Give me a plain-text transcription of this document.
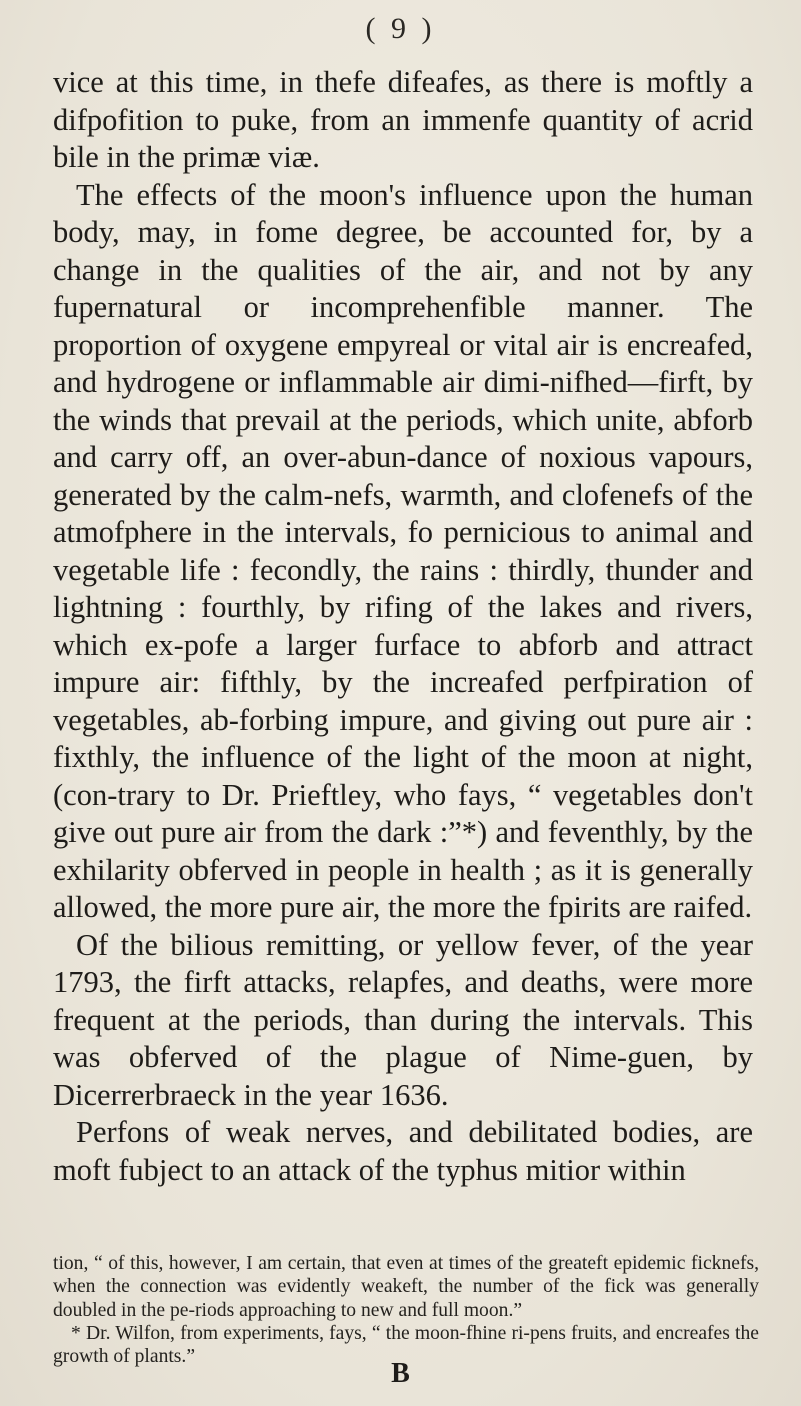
( 9 )

vice at this time, in thefe difeafes, as there is moftly a difpofition to puke, from an immenfe quantity of acrid bile in the primæ viæ.

The effects of the moon's influence upon the human body, may, in fome degree, be accounted for, by a change in the qualities of the air, and not by any fupernatural or incomprehenfible manner. The proportion of oxygene empyreal or vital air is encreafed, and hydrogene or inflammable air dimi-nifhed—firft, by the winds that prevail at the periods, which unite, abforb and carry off, an over-abun-dance of noxious vapours, generated by the calm-nefs, warmth, and clofenefs of the atmofphere in the intervals, fo pernicious to animal and vegetable life : fecondly, the rains : thirdly, thunder and lightning : fourthly, by rifing of the lakes and rivers, which ex-pofe a larger furface to abforb and attract impure air: fifthly, by the increafed perfpiration of vegetables, ab-forbing impure, and giving out pure air : fixthly, the influence of the light of the moon at night, (con-trary to Dr. Prieftley, who fays, “ vegetables don't give out pure air from the dark :”*) and feventhly, by the exhilarity obferved in people in health ; as it is generally allowed, the more pure air, the more the fpirits are raifed.

Of the bilious remitting, or yellow fever, of the year 1793, the firft attacks, relapfes, and deaths, were more frequent at the periods, than during the intervals. This was obferved of the plague of Nime-guen, by Dicerrerbraeck in the year 1636.

Perfons of weak nerves, and debilitated bodies, are moft fubject to an attack of the typhus mitior within

tion, “ of this, however, I am certain, that even at times of the greateft epidemic ficknefs, when the connection was evidently weakeft, the number of the fick was generally doubled in the pe-riods approaching to new and full moon.”

* Dr. Wilfon, from experiments, fays, “ the moon-fhine ri-pens fruits, and encreafes the growth of plants.”

B
